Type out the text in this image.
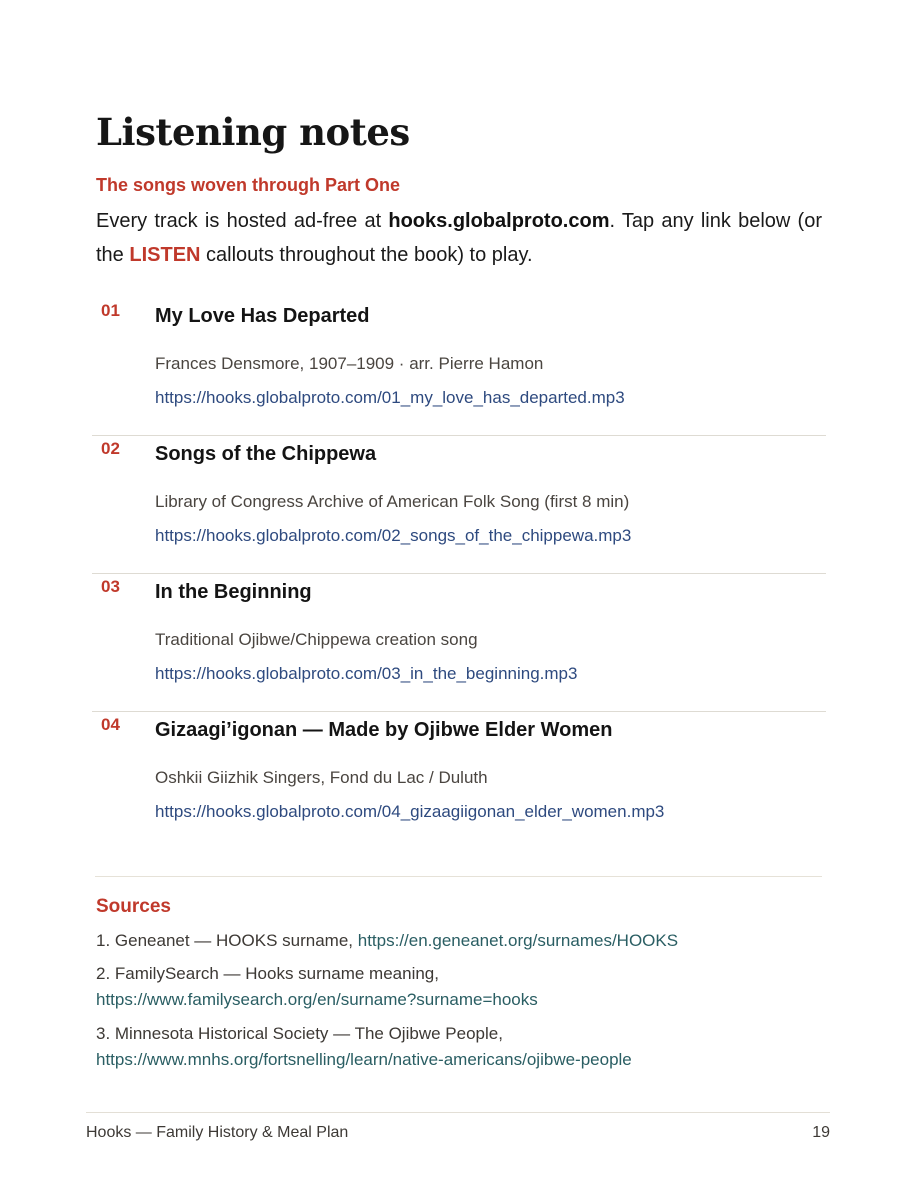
Listening notes
The songs woven through Part One

Every track is hosted ad-free at hooks.globalproto.com. Tap any link below (or the LISTEN callouts throughout the book) to play.

01 My Love Has Departed
Frances Densmore, 1907–1909 · arr. Pierre Hamon
https://hooks.globalproto.com/01_my_love_has_departed.mp3
02 Songs of the Chippewa
Library of Congress Archive of American Folk Song (first 8 min)
https://hooks.globalproto.com/02_songs_of_the_chippewa.mp3
03 In the Beginning
Traditional Ojibwe/Chippewa creation song
https://hooks.globalproto.com/03_in_the_beginning.mp3
04 Gizaagi’igonan — Made by Ojibwe Elder Women
Oshkii Giizhik Singers, Fond du Lac / Duluth
https://hooks.globalproto.com/04_gizaagiigonan_elder_women.mp3
Sources
1. Geneanet — HOOKS surname, https://en.geneanet.org/surnames/HOOKS
2. FamilySearch — Hooks surname meaning,
https://www.familysearch.org/en/surname?surname=hooks
3. Minnesota Historical Society — The Ojibwe People,
https://www.mnhs.org/fortsnelling/learn/native-americans/ojibwe-people
Hooks — Family History & Meal Plan	19
